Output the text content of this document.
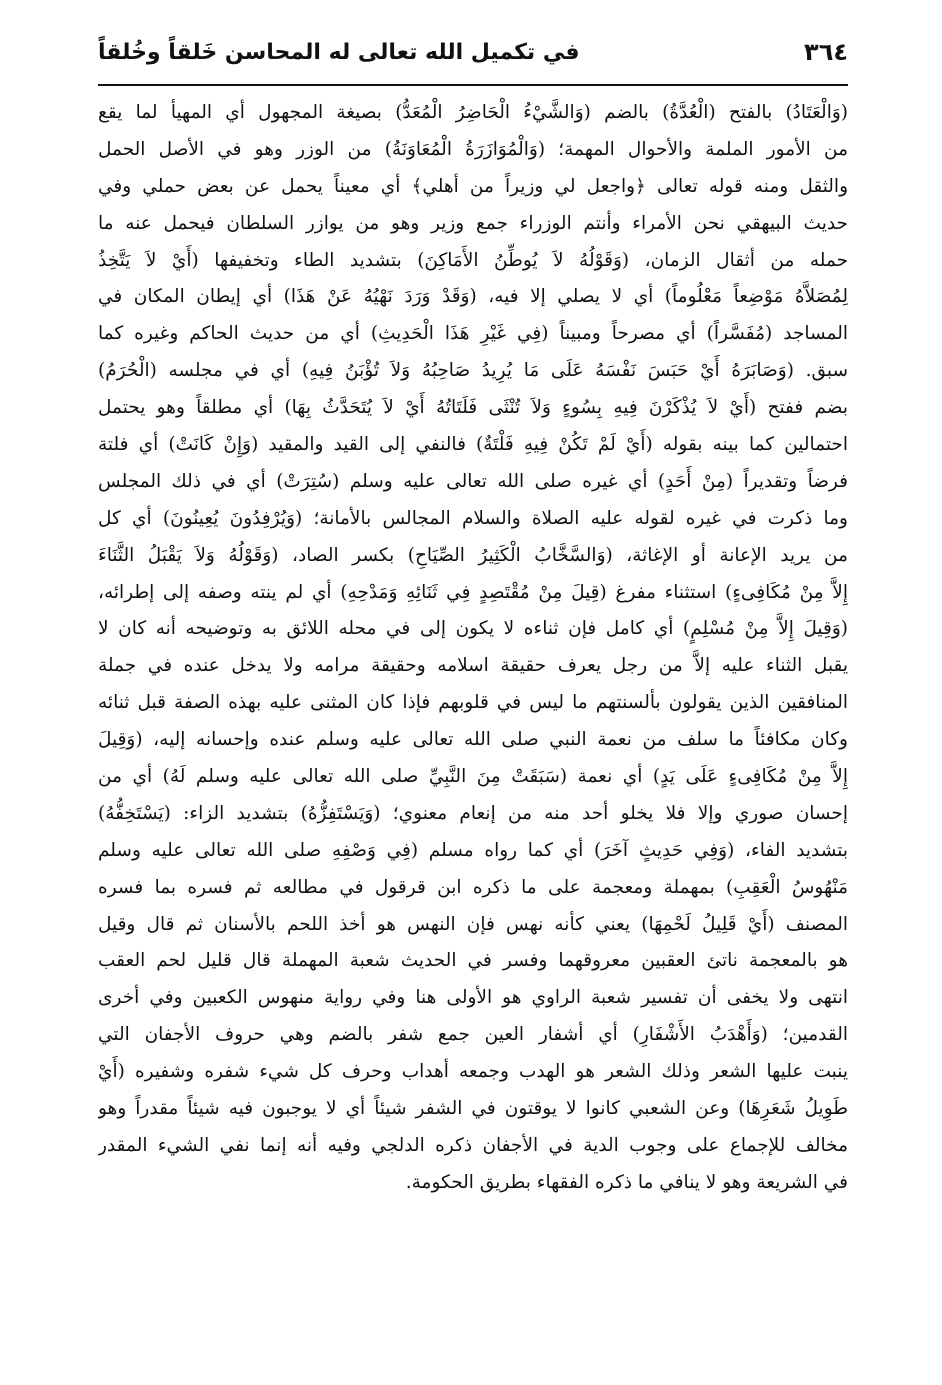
٣٦٤
في تكميل الله تعالى له المحاسن خَلقاً وخُلقاً
(وَالْعَتَادُ) بالفتح (الْعُدَّةُ) بالضم (وَالشَّيْءُ الْحَاضِرُ الْمُعَدُّ) بصيغة المجهول أي المهيأ لما يقع
من الأمور الملمة والأحوال المهمة؛ (وَالْمُوَازَرَةُ الْمُعَاوَنَةُ) من الوزر وهو في الأصل الحمل
والثقل ومنه قوله تعالى ﴿واجعل لي وزيراً من أهلي﴾ أي معيناً يحمل عن بعض حملي وفي
حديث البيهقي نحن الأمراء وأنتم الوزراء جمع وزير وهو من يوازر السلطان فيحمل عنه ما
حمله من أثقال الزمان، (وَقَوْلُهُ لاَ يُوطِّنُ الأَمَاكِنَ) بتشديد الطاء وتخفيفها (أَيْ لاَ يَتَّخِذُ
لِمُصَلاَّهُ مَوْضِعاً مَعْلُوماً) أي لا يصلي إلا فيه، (وَقَدْ وَرَدَ نَهْيُهُ عَنْ هَذَا) أي إيطان المكان في
المساجد (مُفَسَّراً) أي مصرحاً ومبيناً (فِي غَيْرِ هَذَا الْحَدِيثِ) أي من حديث الحاكم وغيره كما
سبق. (وَصَابَرَهُ أَيْ حَبَسَ نَفْسَهُ عَلَى مَا يُرِيدُ صَاحِبُهُ وَلاَ تُؤْبَنُ فِيهِ) أي في مجلسه (الْحُرَمُ)
بضم ففتح (أَيْ لاَ يُذْكَرْنَ فِيهِ بِسُوءٍ وَلاَ تُنْثَى فَلَتَاتُهُ أَيْ لاَ يُتَحَدَّثُ بِهَا) أي مطلقاً وهو يحتمل
احتمالين كما بينه بقوله (أَيْ لَمْ تَكُنْ فِيهِ فَلْتَةٌ) فالنفي إلى القيد والمقيد (وَإِنْ كَانَتْ) أي فلتة
فرضاً وتقديراً (مِنْ أَحَدٍ) أي غيره صلى الله تعالى عليه وسلم (سُتِرَتْ) أي في ذلك المجلس
وما ذكرت في غيره لقوله عليه الصلاة والسلام المجالس بالأمانة؛ (وَيُرْفِدُونَ يُعِينُونَ) أي كل
من يريد الإعانة أو الإغاثة، (وَالسَّخَّابُ الْكَثِيرُ الصِّيَاحِ) بكسر الصاد، (وَقَوْلُهُ وَلاَ يَقْبَلُ الثَّنَاءَ
إِلاَّ مِنْ مُكَافِىءٍ) استثناء مفرغ (قِيلَ مِنْ مُقْتَصِدٍ فِي ثَنَائِهِ وَمَدْحِهِ) أي لم ينته وصفه إلى إطرائه،
(وَقِيلَ إِلاَّ مِنْ مُسْلِمٍ) أي كامل فإن ثناءه لا يكون إلى في محله اللائق به وتوضيحه أنه كان لا
يقبل الثناء عليه إلاَّ من رجل يعرف حقيقة اسلامه وحقيقة مرامه ولا يدخل عنده في جملة
المنافقين الذين يقولون بألسنتهم ما ليس في قلوبهم فإذا كان المثنى عليه بهذه الصفة قبل ثنائه
وكان مكافئاً ما سلف من نعمة النبي صلى الله تعالى عليه وسلم عنده وإحسانه إليه، (وَقِيلَ
إِلاَّ مِنْ مُكَافِىءٍ عَلَى يَدٍ) أي نعمة (سَبَقَتْ مِنَ النَّبِيِّ صلى الله تعالى عليه وسلم لَهُ) أي من
إحسان صوري وإلا فلا يخلو أحد منه من إنعام معنوي؛ (وَيَسْتَفِزُّهُ) بتشديد الزاء: (يَسْتَخِفُّهُ)
بتشديد الفاء، (وَفِي حَدِيثٍ آخَرَ) أي كما رواه مسلم (فِي وَصْفِهِ صلى الله تعالى عليه وسلم
مَنْهُوسُ الْعَقِبِ) بمهملة ومعجمة على ما ذكره ابن قرقول في مطالعه ثم فسره بما فسره
المصنف (أَيْ قَلِيلُ لَحْمِهَا) يعني كأنه نهس فإن النهس هو أخذ اللحم بالأسنان ثم قال وقيل
هو بالمعجمة ناتئ العقبين معروقهما وفسر في الحديث شعبة المهملة قال قليل لحم العقب
انتهى ولا يخفى أن تفسير شعبة الراوي هو الأولى هنا وفي رواية منهوس الكعبين وفي أخرى
القدمين؛ (وَأَهْدَبُ الأَشْفَارِ) أي أشفار العين جمع شفر بالضم وهي حروف الأجفان التي
ينبت عليها الشعر وذلك الشعر هو الهدب وجمعه أهداب وحرف كل شيء شفره وشفيره (أَيْ
طَوِيلُ شَعَرِهَا) وعن الشعبي كانوا لا يوقتون في الشفر شيئاً أي لا يوجبون فيه شيئاً مقدراً وهو
مخالف للإجماع على وجوب الدية في الأجفان ذكره الدلجي وفيه أنه إنما نفي الشيء المقدر
في الشريعة وهو لا ينافي ما ذكره الفقهاء بطريق الحكومة.
